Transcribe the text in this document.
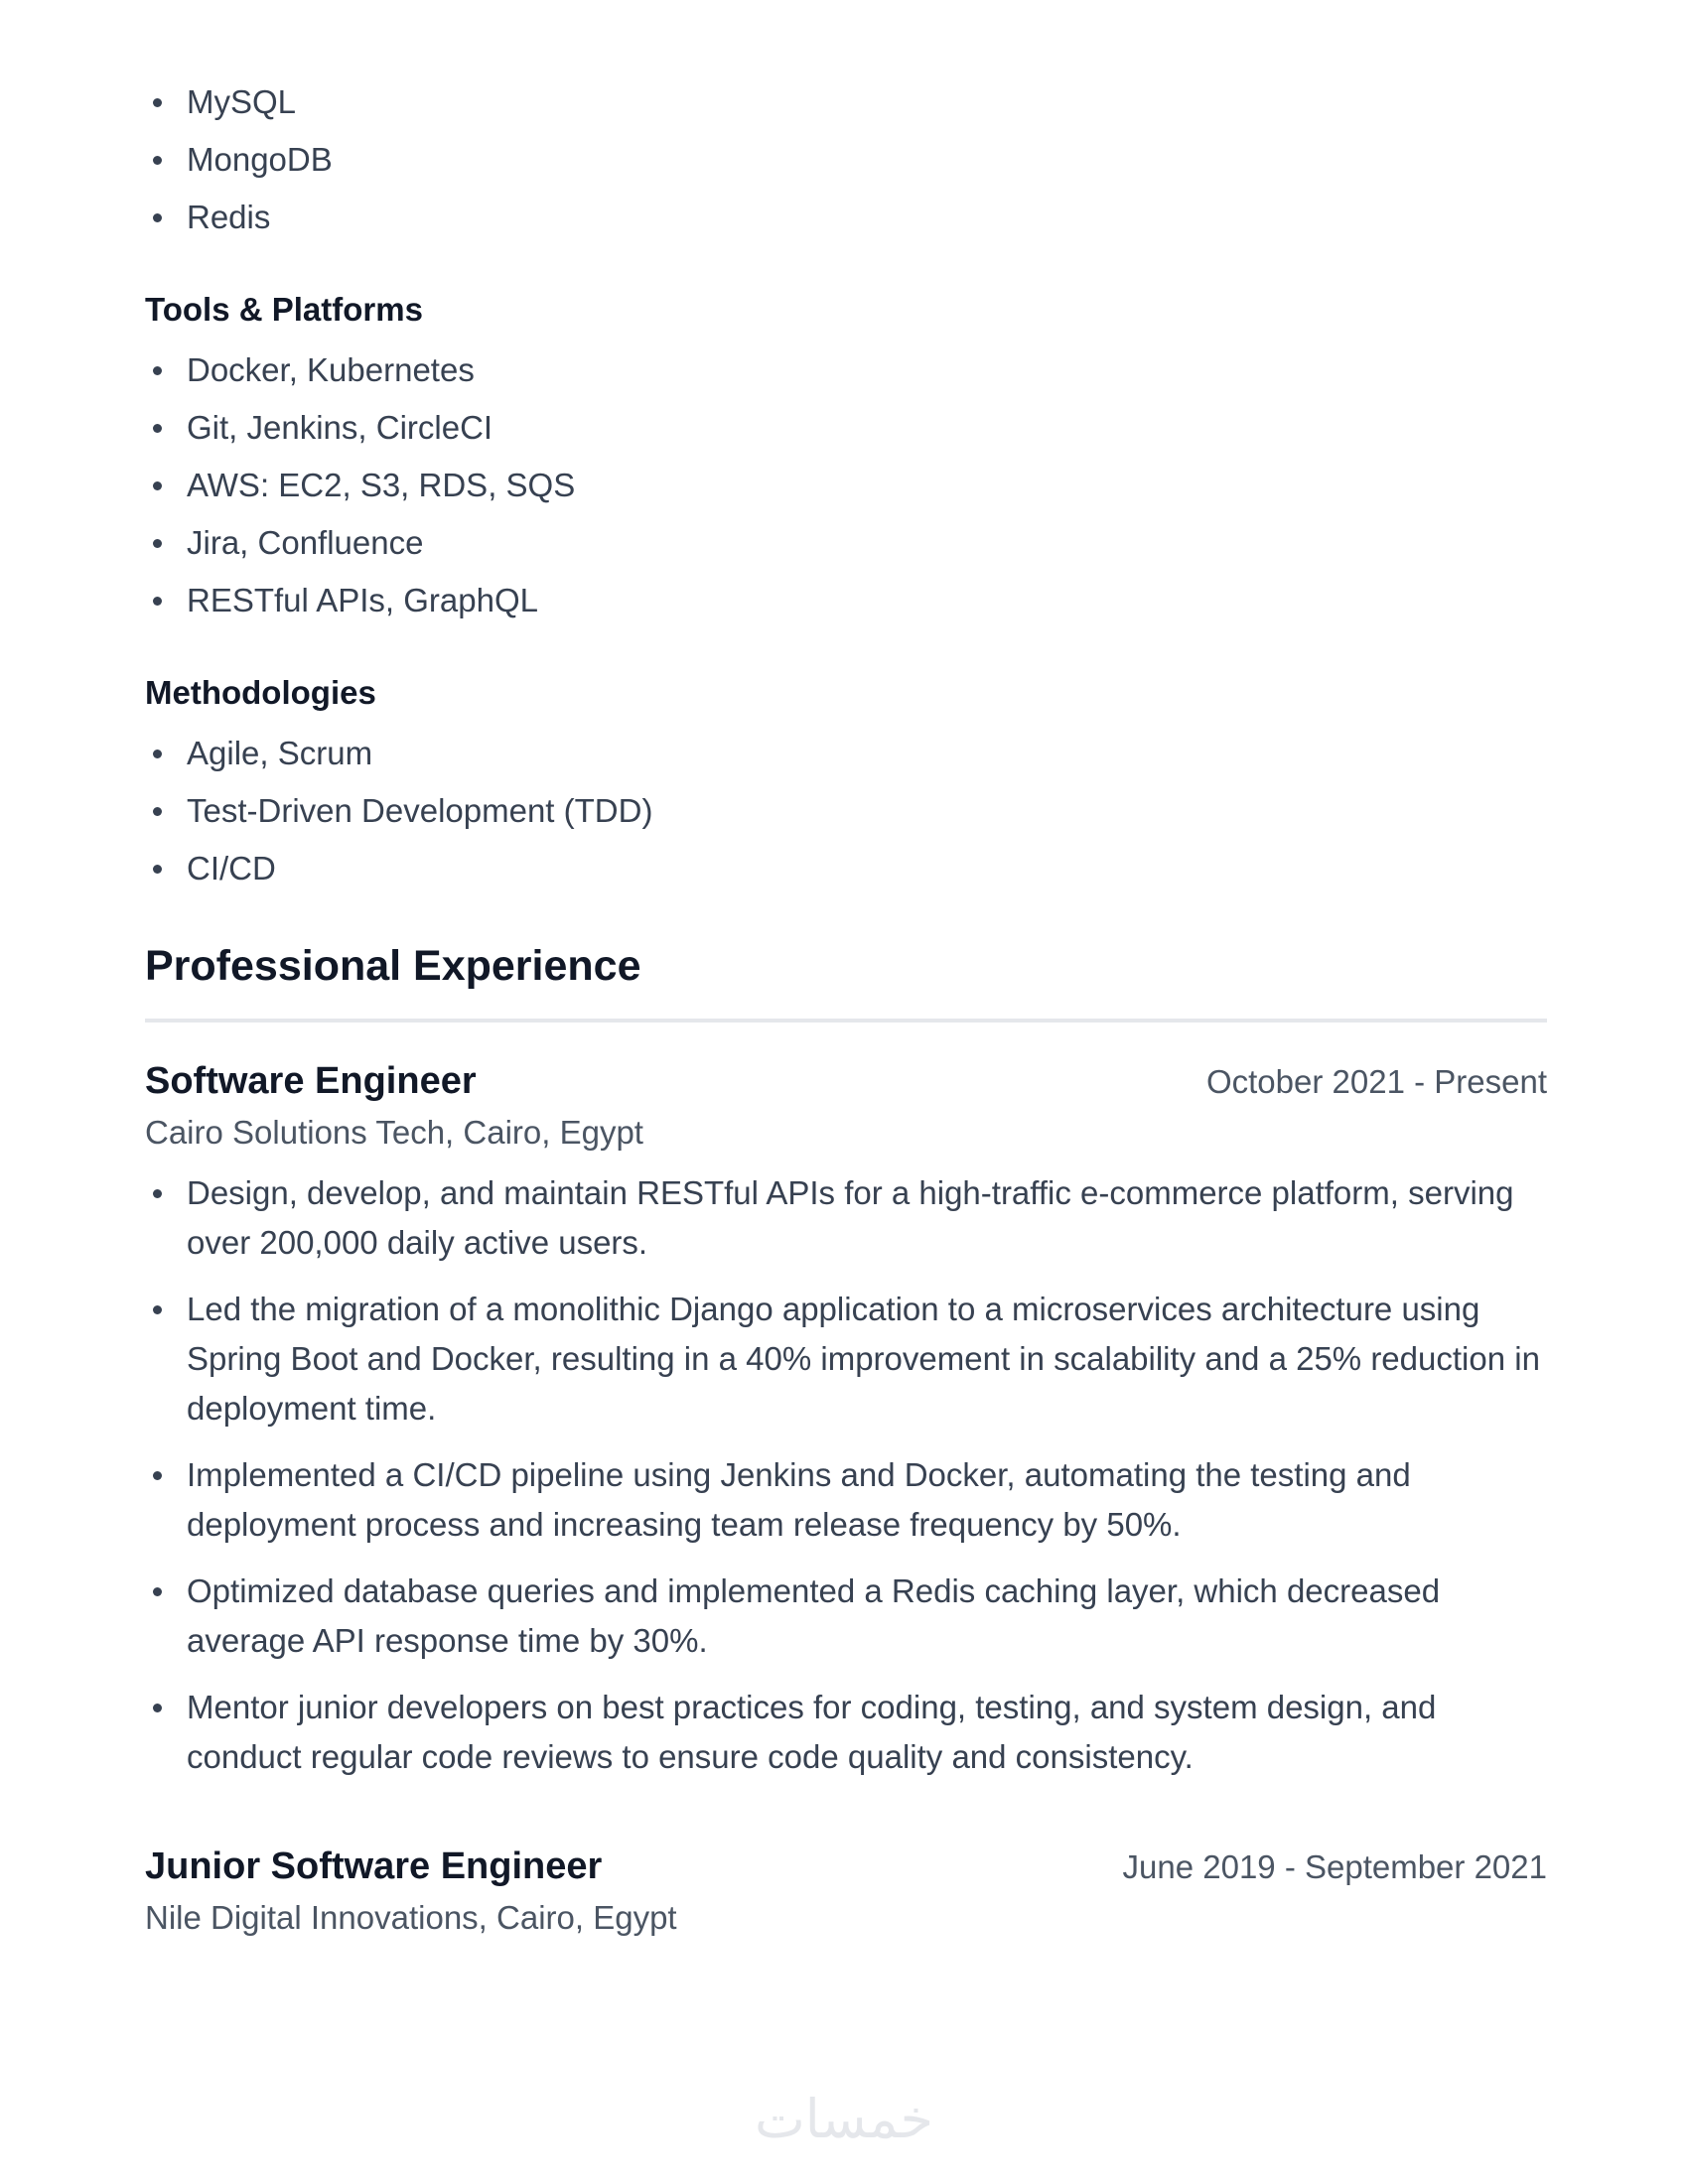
MySQL
MongoDB
Redis
Tools & Platforms
Docker, Kubernetes
Git, Jenkins, CircleCI
AWS: EC2, S3, RDS, SQS
Jira, Confluence
RESTful APIs, GraphQL
Methodologies
Agile, Scrum
Test-Driven Development (TDD)
CI/CD
Professional Experience
Software Engineer	October 2021 - Present
Cairo Solutions Tech, Cairo, Egypt
Design, develop, and maintain RESTful APIs for a high-traffic e-commerce platform, serving over 200,000 daily active users.
Led the migration of a monolithic Django application to a microservices architecture using Spring Boot and Docker, resulting in a 40% improvement in scalability and a 25% reduction in deployment time.
Implemented a CI/CD pipeline using Jenkins and Docker, automating the testing and deployment process and increasing team release frequency by 50%.
Optimized database queries and implemented a Redis caching layer, which decreased average API response time by 30%.
Mentor junior developers on best practices for coding, testing, and system design, and conduct regular code reviews to ensure code quality and consistency.
Junior Software Engineer	June 2019 - September 2021
Nile Digital Innovations, Cairo, Egypt
خمسات
